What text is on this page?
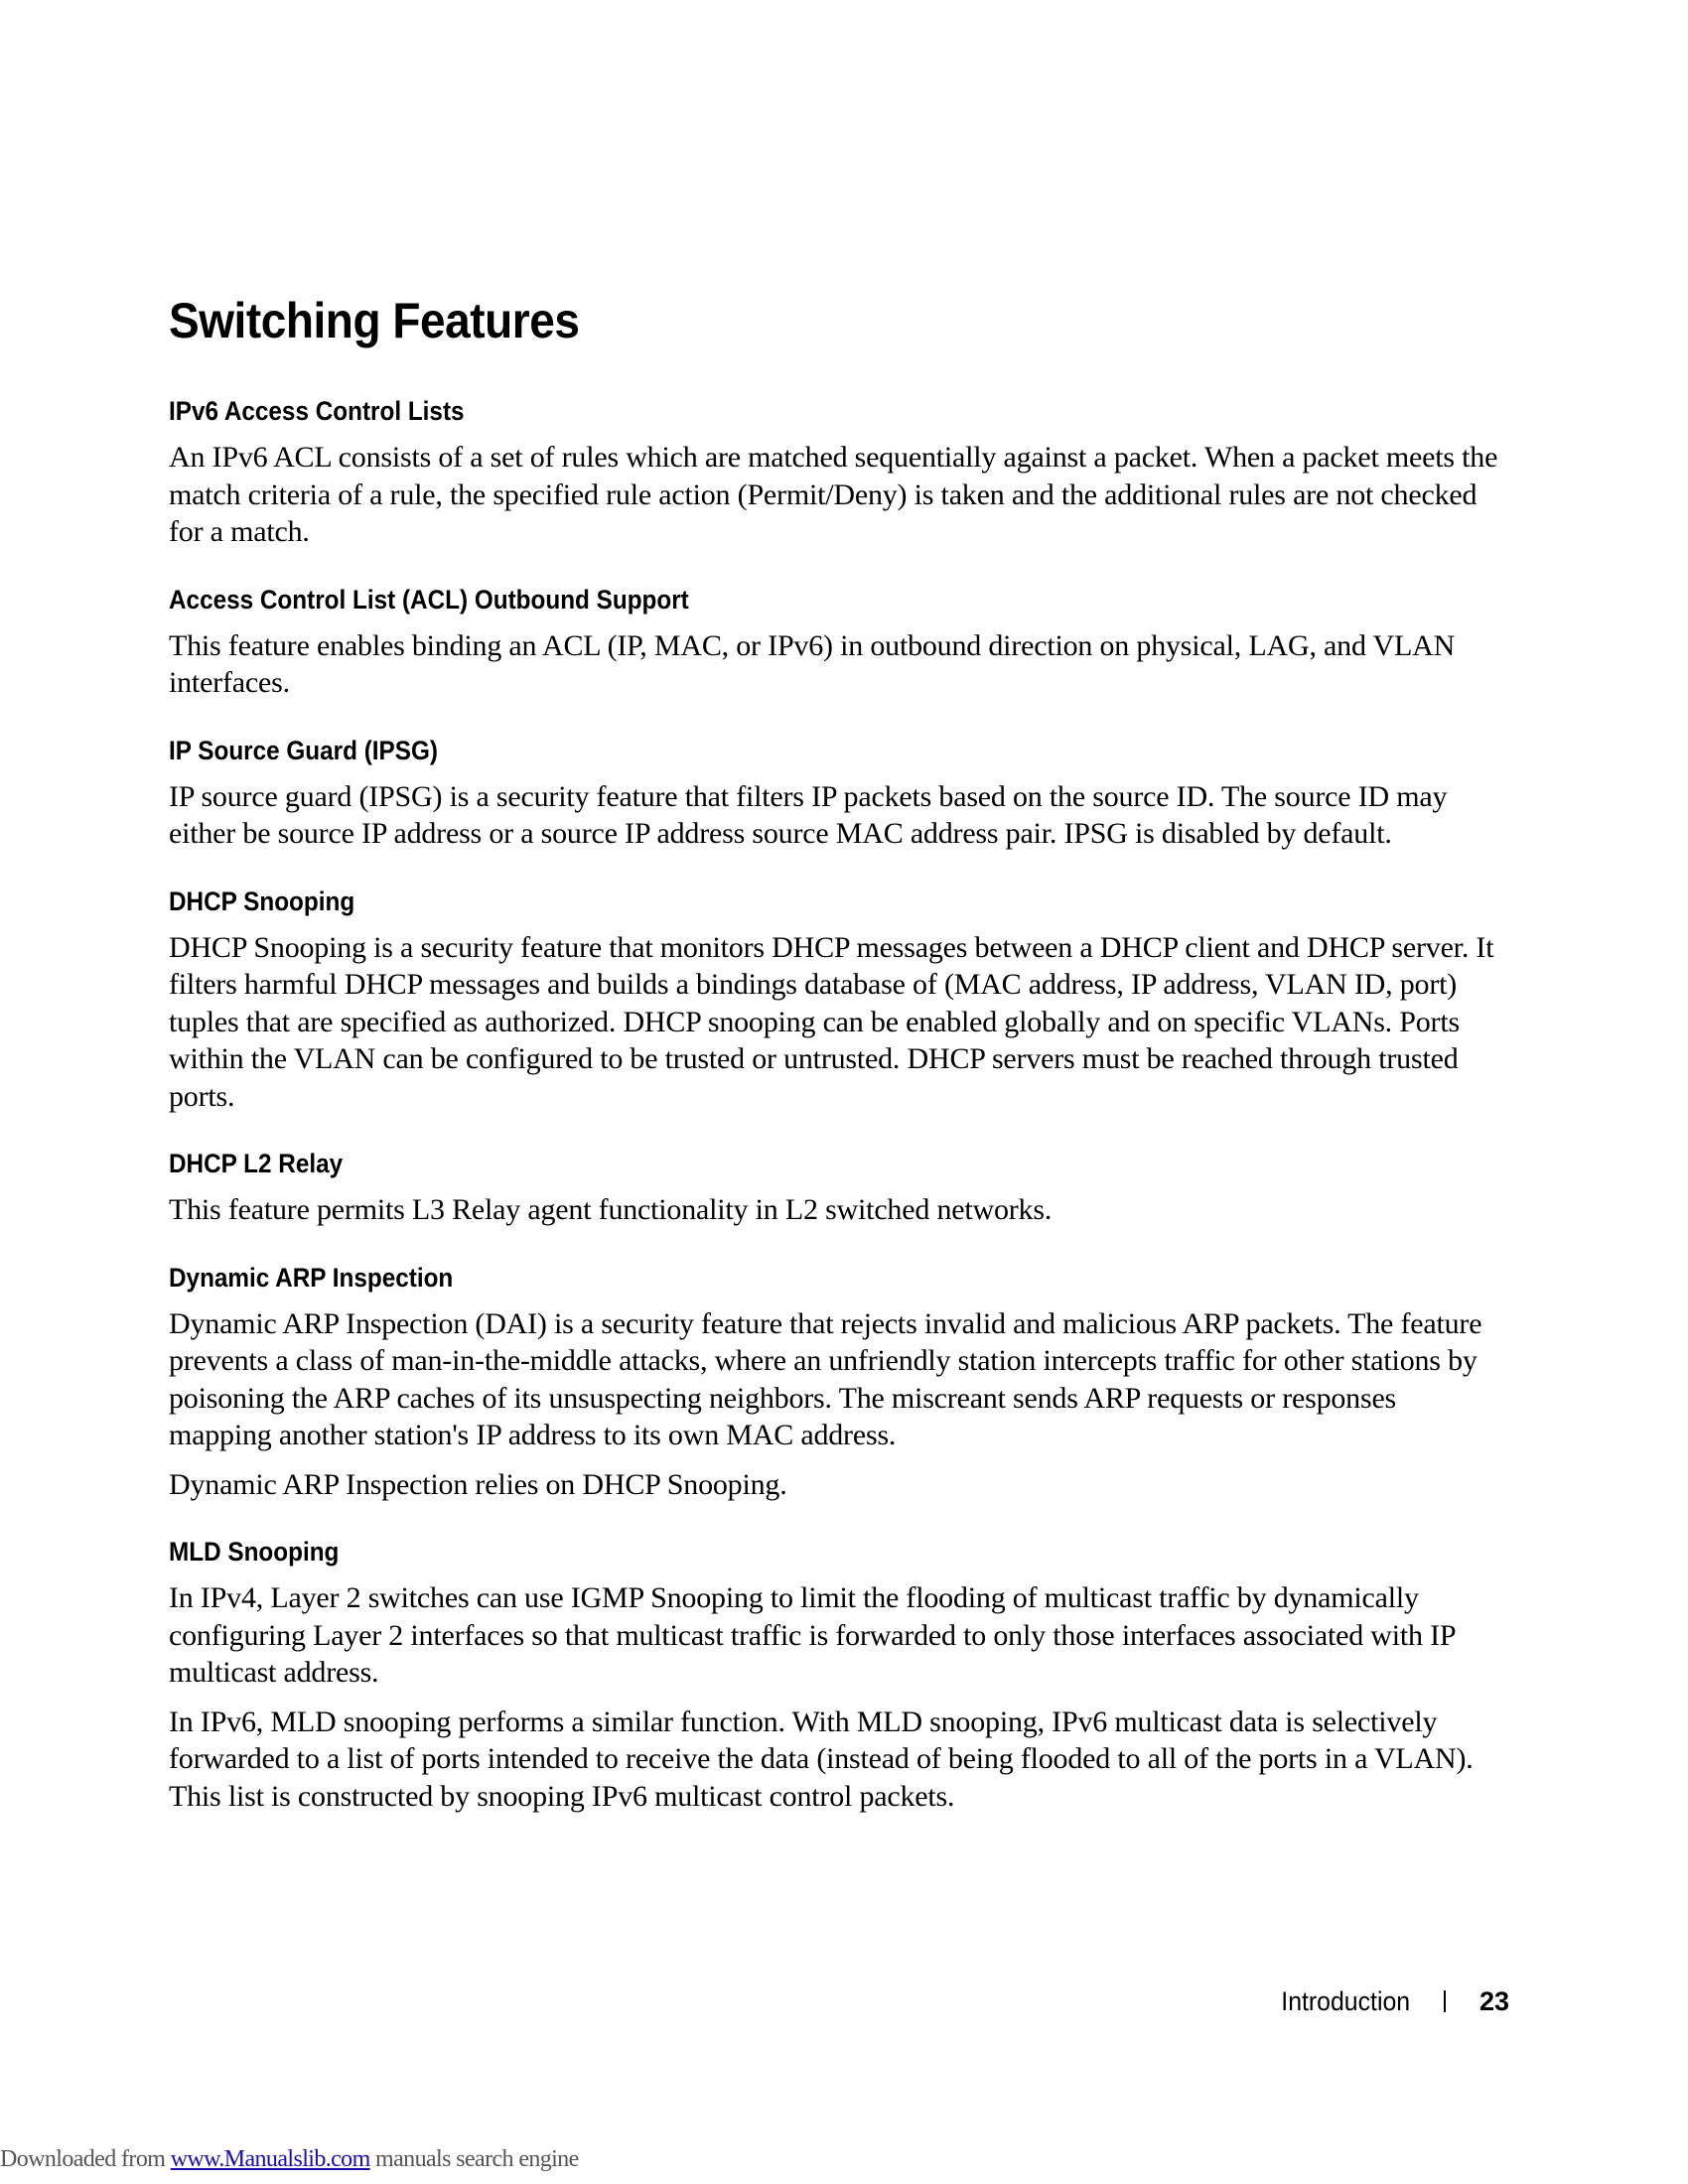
Switching Features
IPv6 Access Control Lists

An IPv6 ACL consists of a set of rules which are matched sequentially against a packet. When a packet meets the match criteria of a rule, the specified rule action (Permit/Deny) is taken and the additional rules are not checked for a match.

Access Control List (ACL) Outbound Support

This feature enables binding an ACL (IP, MAC, or IPv6) in outbound direction on physical, LAG, and VLAN interfaces.

IP Source Guard (IPSG)

IP source guard (IPSG) is a security feature that filters IP packets based on the source ID. The source ID may either be source IP address or a source IP address source MAC address pair. IPSG is disabled by default.

DHCP Snooping

DHCP Snooping is a security feature that monitors DHCP messages between a DHCP client and DHCP server. It filters harmful DHCP messages and builds a bindings database of (MAC address, IP address, VLAN ID, port) tuples that are specified as authorized. DHCP snooping can be enabled globally and on specific VLANs. Ports within the VLAN can be configured to be trusted or untrusted. DHCP servers must be reached through trusted ports.

DHCP L2 Relay

This feature permits L3 Relay agent functionality in L2 switched networks.

Dynamic ARP Inspection

Dynamic ARP Inspection (DAI) is a security feature that rejects invalid and malicious ARP packets. The feature prevents a class of man-in-the-middle attacks, where an unfriendly station intercepts traffic for other stations by poisoning the ARP caches of its unsuspecting neighbors. The miscreant sends ARP requests or responses mapping another station's IP address to its own MAC address.

Dynamic ARP Inspection relies on DHCP Snooping.

MLD Snooping

In IPv4, Layer 2 switches can use IGMP Snooping to limit the flooding of multicast traffic by dynamically configuring Layer 2 interfaces so that multicast traffic is forwarded to only those interfaces associated with IP multicast address.

In IPv6, MLD snooping performs a similar function. With MLD snooping, IPv6 multicast data is selectively forwarded to a list of ports intended to receive the data (instead of being flooded to all of the ports in a VLAN). This list is constructed by snooping IPv6 multicast control packets.

Introduction	23
Downloaded from www.Manualslib.com manuals search engine
